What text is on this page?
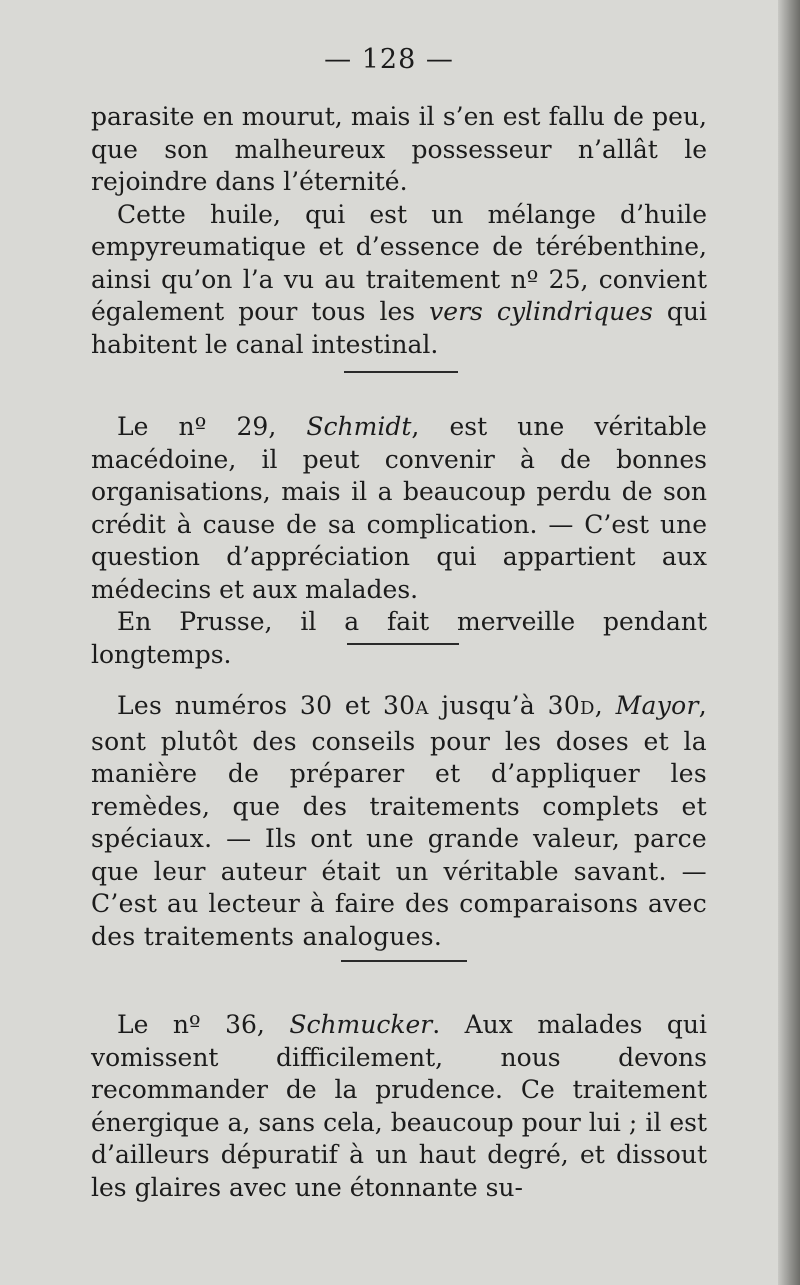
— 128 —

parasite en mourut, mais il s’en est fallu de peu, que son malheureux possesseur n’allât le rejoindre dans l’éternité.

Cette huile, qui est un mélange d’huile empyreumatique et d’essence de térébenthine, ainsi qu’on l’a vu au traitement nº 25, convient également pour tous les vers cylindriques qui habitent le canal intestinal.

Le nº 29, Schmidt, est une véritable macédoine, il peut convenir à de bonnes organisations, mais il a beaucoup perdu de son crédit à cause de sa complication. — C’est une question d’appréciation qui appartient aux médecins et aux malades.

En Prusse, il a fait merveille pendant longtemps.

Les numéros 30 et 30A jusqu’à 30D, Mayor, sont plutôt des conseils pour les doses et la manière de préparer et d’appliquer les remèdes, que des traitements complets et spéciaux. — Ils ont une grande valeur, parce que leur auteur était un véritable savant. — C’est au lecteur à faire des comparaisons avec des traitements analogues.

Le nº 36, Schmucker. Aux malades qui vomissent difficilement, nous devons recommander de la prudence. Ce traitement énergique a, sans cela, beaucoup pour lui ; il est d’ailleurs dépuratif à un haut degré, et dissout les glaires avec une étonnante su-
